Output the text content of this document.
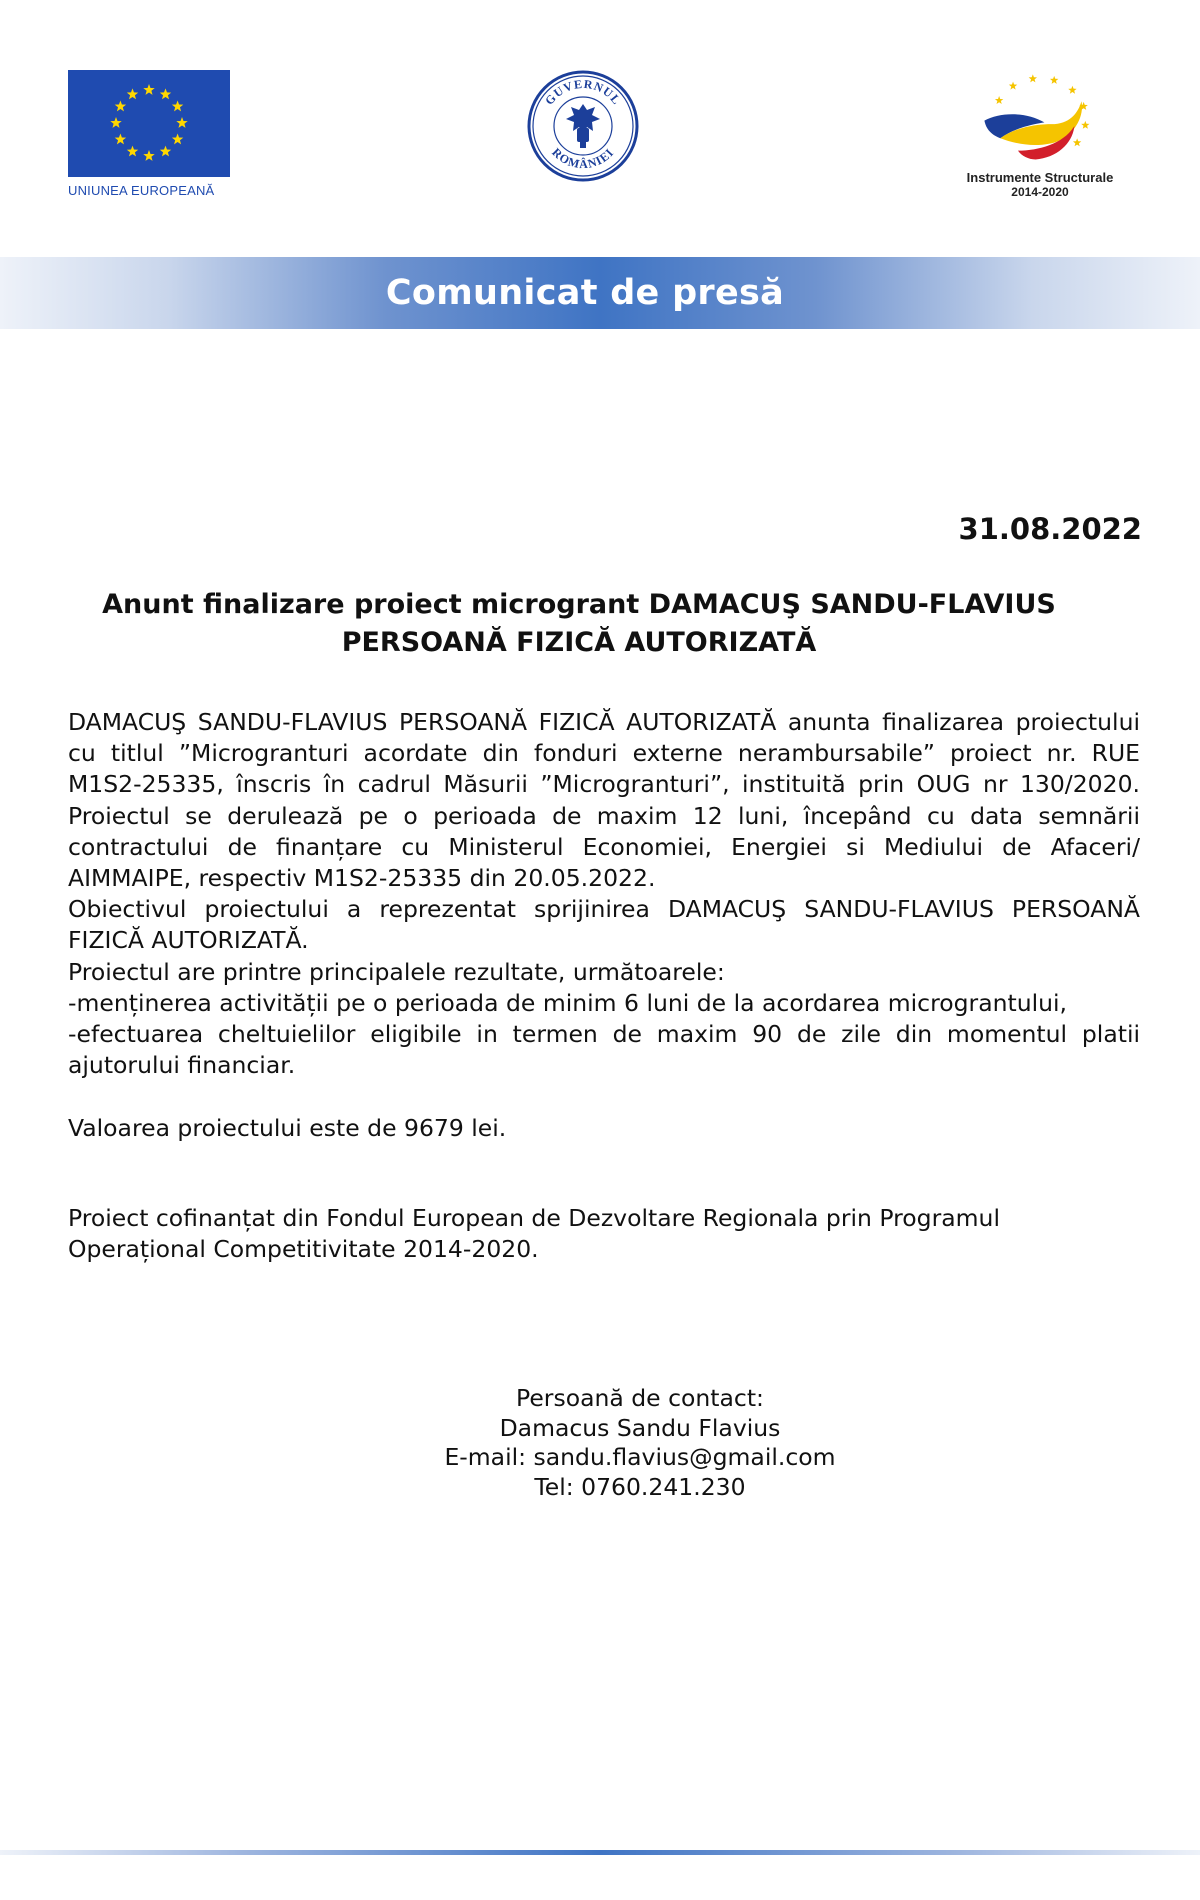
UNIUNEA EUROPEANĂ
GUVERNUL
ROMÂNIEI
Instrumente Structurale
2014-2020
Comunicat de presă
31.08.2022
Anunt finalizare proiect microgrant DAMACUŞ SANDU-FLAVIUS
PERSOANĂ FIZICĂ AUTORIZATĂ
DAMACUŞ SANDU-FLAVIUS PERSOANĂ FIZICĂ AUTORIZATĂ anunta finalizarea proiectului
cu titlul ”Microgranturi acordate din fonduri externe nerambursabile” proiect nr. RUE
M1S2-25335, înscris în cadrul Măsurii ”Microgranturi”, instituită prin OUG nr 130/2020.
Proiectul se derulează pe o perioada de maxim 12 luni, începând cu data semnării
contractului de finanțare cu Ministerul Economiei, Energiei si Mediului de Afaceri/
AIMMAIPE, respectiv M1S2-25335 din 20.05.2022.
Obiectivul proiectului a reprezentat sprijinirea DAMACUŞ SANDU-FLAVIUS PERSOANĂ
FIZICĂ AUTORIZATĂ.
Proiectul are printre principalele rezultate, următoarele:
-menținerea activității pe o perioada de minim 6 luni de la acordarea micrograntului,
-efectuarea cheltuielilor eligibile in termen de maxim 90 de zile din momentul platii
ajutorului financiar.
Valoarea proiectului este de 9679 lei.
Proiect cofinanțat din Fondul European de Dezvoltare Regionala prin Programul
Operațional Competitivitate 2014-2020.
Persoană de contact:
Damacus Sandu Flavius
E-mail: sandu.flavius@gmail.com
Tel: 0760.241.230
